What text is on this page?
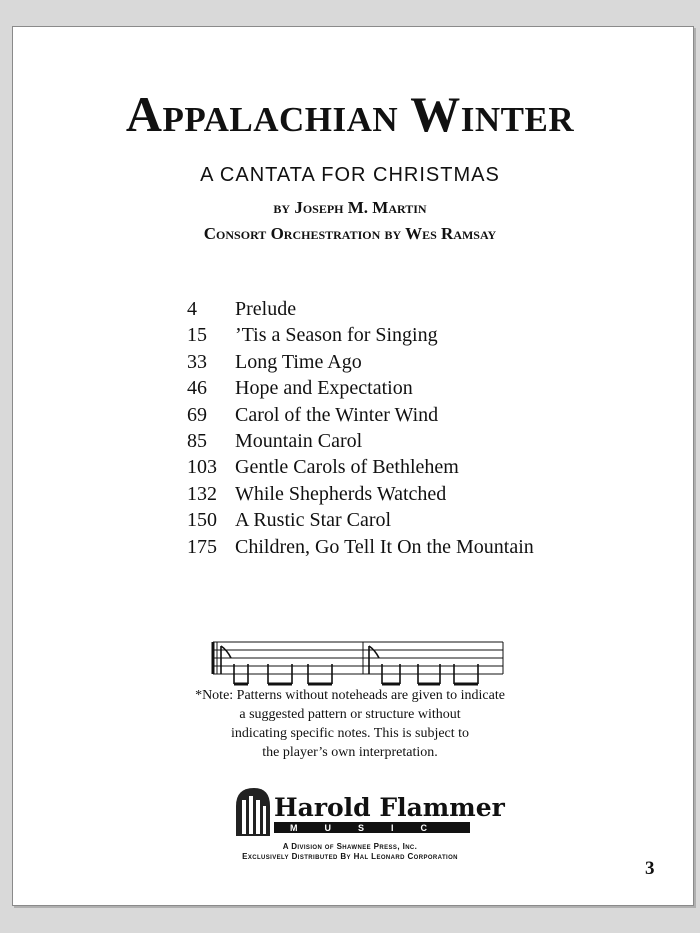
Appalachian Winter
A CANTATA FOR CHRISTMAS
by Joseph M. Martin
Consort Orchestration by Wes Ramsay
4 Prelude
15 ’Tis a Season for Singing
33 Long Time Ago
46 Hope and Expectation
69 Carol of the Winter Wind
85 Mountain Carol
103 Gentle Carols of Bethlehem
132 While Shepherds Watched
150 A Rustic Star Carol
175 Children, Go Tell It On the Mountain
*Note: Patterns without noteheads are given to indicate
a suggested pattern or structure without
indicating specific notes. This is subject to
the player’s own interpretation.
Harold Flammer
MUSIC
A Division of Shawnee Press, Inc.
Exclusively Distributed By Hal Leonard Corporation
3
